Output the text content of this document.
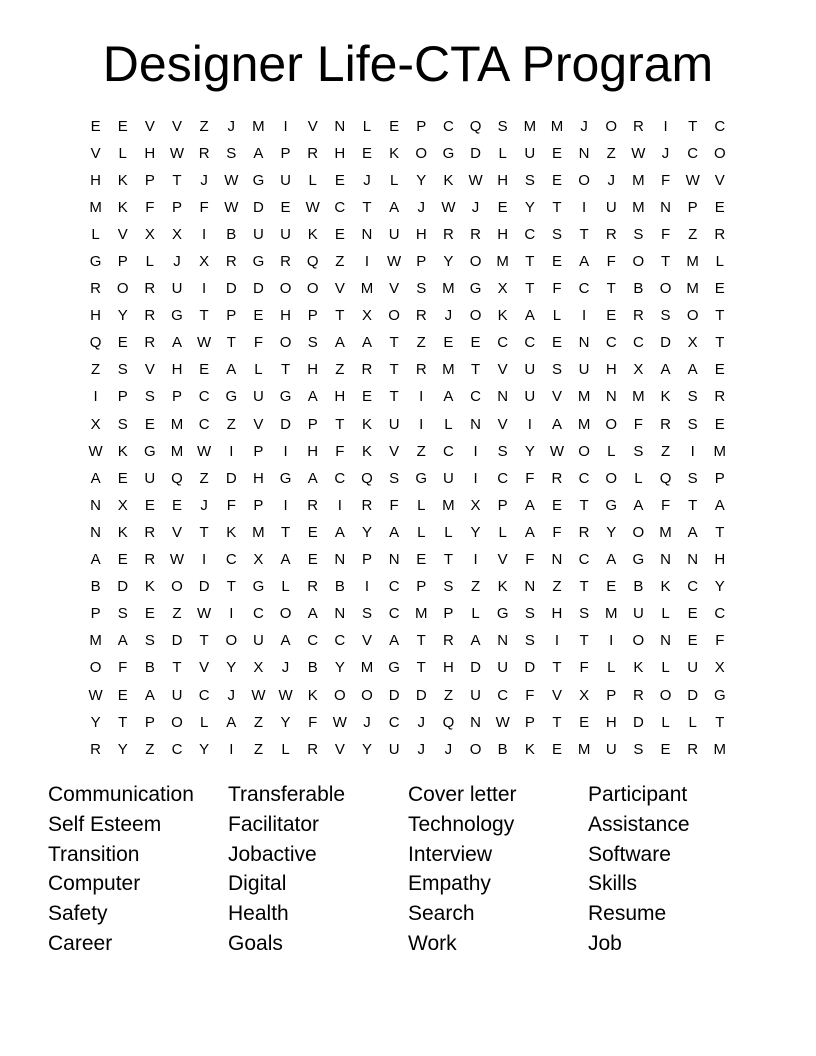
Designer Life-CTA Program
E	E	V	V	Z	J	M	I	V	N	L	E	P	C	Q	S	M M	J	O	R	I	T	C
V	L	H W R	S	A	P	R	H	E	K	O	G	D	L	U	E	N	Z	W	J	C	O
H	K	P	T	J	W G	U	L	E	J	L	Y	K	W H	S	E	O	J	M	F	W	V
M	K	F	P	F	W D	E	W C	T	A	J	W	J	E	Y	T	I	U	M	N	P	E
L	V	X	X	I	B	U	U	K	E	N	U	H	R	R	H	C	S	T	R	S	F	Z	R
G	P	L	J	X	R	G	R	Q	Z	I	W	P	Y	O	M	T	E	A	F	O	T	M	L
R	O	R	U	I	D	D	O	O	V	M	V	S	M	G	X	T	F	C	T	B	O	M	E
H	Y	R	G	T	P	E	H	P	T	X	O	R	J	O	K	A	L	I	E	R	S	O	T
Q	E	R	A	W	T	F	O	S	A	A	T	Z	E	E	C	C	E	N	C	C	D	X	T
Z	S	V	H	E	A	L	T	H	Z	R	T	R	M	T	V	U	S	U	H	X	A	A	E
I	P	S	P	C	G	U	G	A	H	E	T	I	A	C	N	U	V	M	N	M	K	S	R
X	S	E	M	C	Z	V	D	P	T	K	U	I	L	N	V	I	A	M	O	F	R	S	E
W	K	G	M W	I	P	I	H	F	K	V	Z	C	I	S	Y	W O	L	S	Z	I	M
A	E	U	Q	Z	D	H	G	A	C	Q	S	G	U	I	C	F	R	C	O	L	Q	S	P
N	X	E	E	J	F	P	I	R	I	R	F	L	M	X	P	A	E	T	G	A	F	T	A
N	K	R	V	T	K	M	T	E	A	Y	A	L	L	Y	L	A	F	R	Y	O	M	A	T
A	E	R W	I	C	X	A	E	N	P	N	E	T	I	V	F	N	C	A	G	N	N	H
B	D	K	O	D	T	G	L	R	B	I	C	P	S	Z	K	N	Z	T	E	B	K	C	Y
P	S	E	Z	W	I	C	O	A	N	S	C	M	P	L	G	S	H	S	M	U	L	E	C
M	A	S	D	T	O	U	A	C	C	V	A	T	R	A	N	S	I	T	I	O	N	E	F
O	F	B	T	V	Y	X	J	B	Y	M	G	T	H	D	U	D	T	F	L	K	L	U	X
W	E	A	U	C	J	W W	K	O	O	D	D	Z	U	C	F	V	X	P	R	O	D	G
Y	T	P	O	L	A	Z	Y	F	W	J	C	J	Q	N W	P	T	E	H	D	L	L	T
R	Y	Z	C	Y	I	Z	L	R	V	Y	U	J	J	O	B	K	E	M	U	S	E	R	M
Communication
Self Esteem
Transition
Computer
Safety
Career
Transferable
Facilitator
Jobactive
Digital
Health
Goals
Cover letter
Technology
Interview
Empathy
Search
Work
Participant
Assistance
Software
Skills
Resume
Job
